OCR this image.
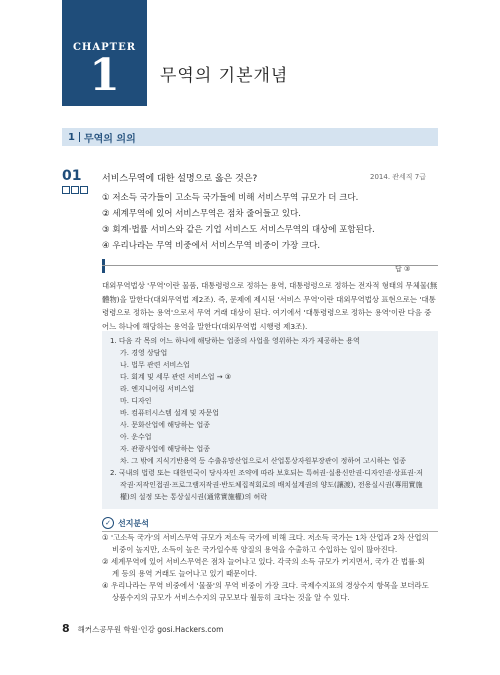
CHAPTER
1	무역의 기본개념
1 무역의 의의
01 서비스무역에 대한 설명으로 옳은 것은?	2014. 관세직 7급
① 저소득 국가들이 고소득 국가들에 비해 서비스무역 규모가 더 크다.
② 세계무역에 있어 서비스무역은 점차 줄어들고 있다.
③ 회계·법률 서비스와 같은 기업 서비스도 서비스무역의 대상에 포함된다.
④ 우리나라는 무역 비중에서 서비스무역 비중이 가장 크다.
답 ③

대외무역법상 '무역'이란 물품, 대통령령으로 정하는 용역, 대통령령으로 정하는 전자적 형태의 무체물(無

體物)을 말한다(대외무역법 제2조). 즉, 문제에 제시된 '서비스 무역'이란 대외무역법상 표현으로는 '대통

령령으로 정하는 용역'으로서 무역 거래 대상이 된다. 여기에서 '대통령령으로 정하는 용역'이란 다음 중

어느 하나에 해당하는 용역을 말한다(대외무역법 시행령 제3조).

1. 다음 각 목의 어느 하나에 해당하는 업종의 사업을 영위하는 자가 제공하는 용역
가. 경영 상담업
나. 법무 관련 서비스업
다. 회계 및 세무 관련 서비스업 → ③
라. 엔지니어링 서비스업
마. 디자인
바. 컴퓨터시스템 설계 및 자문업
사. 문화산업에 해당하는 업종
아. 운수업
자. 관광사업에 해당하는 업종
차. 그 밖에 지식기반용역 등 수출유망산업으로서 산업통상자원부장관이 정하여 고시하는 업종
2. 국내의 법령 또는 대한민국이 당사자인 조약에 따라 보호되는 특허권·실용신안권·디자인권·상표권·저
작권·저작인접권·프로그램저작권·반도체집적회로의 배치설계권의 양도(讓渡), 전용실시권(專用實施
權)의 설정 또는 통상실시권(通常實施權)의 허락
✓ 선지분석
① '고소득 국가'의 서비스무역 규모가 저소득 국가에 비해 크다. 저소득 국가는 1차 산업과 2차 산업의
비중이 높지만, 소득이 높은 국가일수록 양질의 용역을 수출하고 수입하는 일이 많아진다.
② 세계무역에 있어 서비스무역은 점차 늘어나고 있다. 각국의 소득 규모가 커지면서, 국가 간 법률·회
계 등의 용역 거래도 늘어나고 있기 때문이다.
④ 우리나라는 무역 비중에서 '물품'의 무역 비중이 가장 크다. 국제수지표의 경상수지 항목을 보더라도
상품수지의 규모가 서비스수지의 규모보다 월등히 크다는 것을 알 수 있다.
8 해커스공무원 학원·인강 gosi.Hackers.com
